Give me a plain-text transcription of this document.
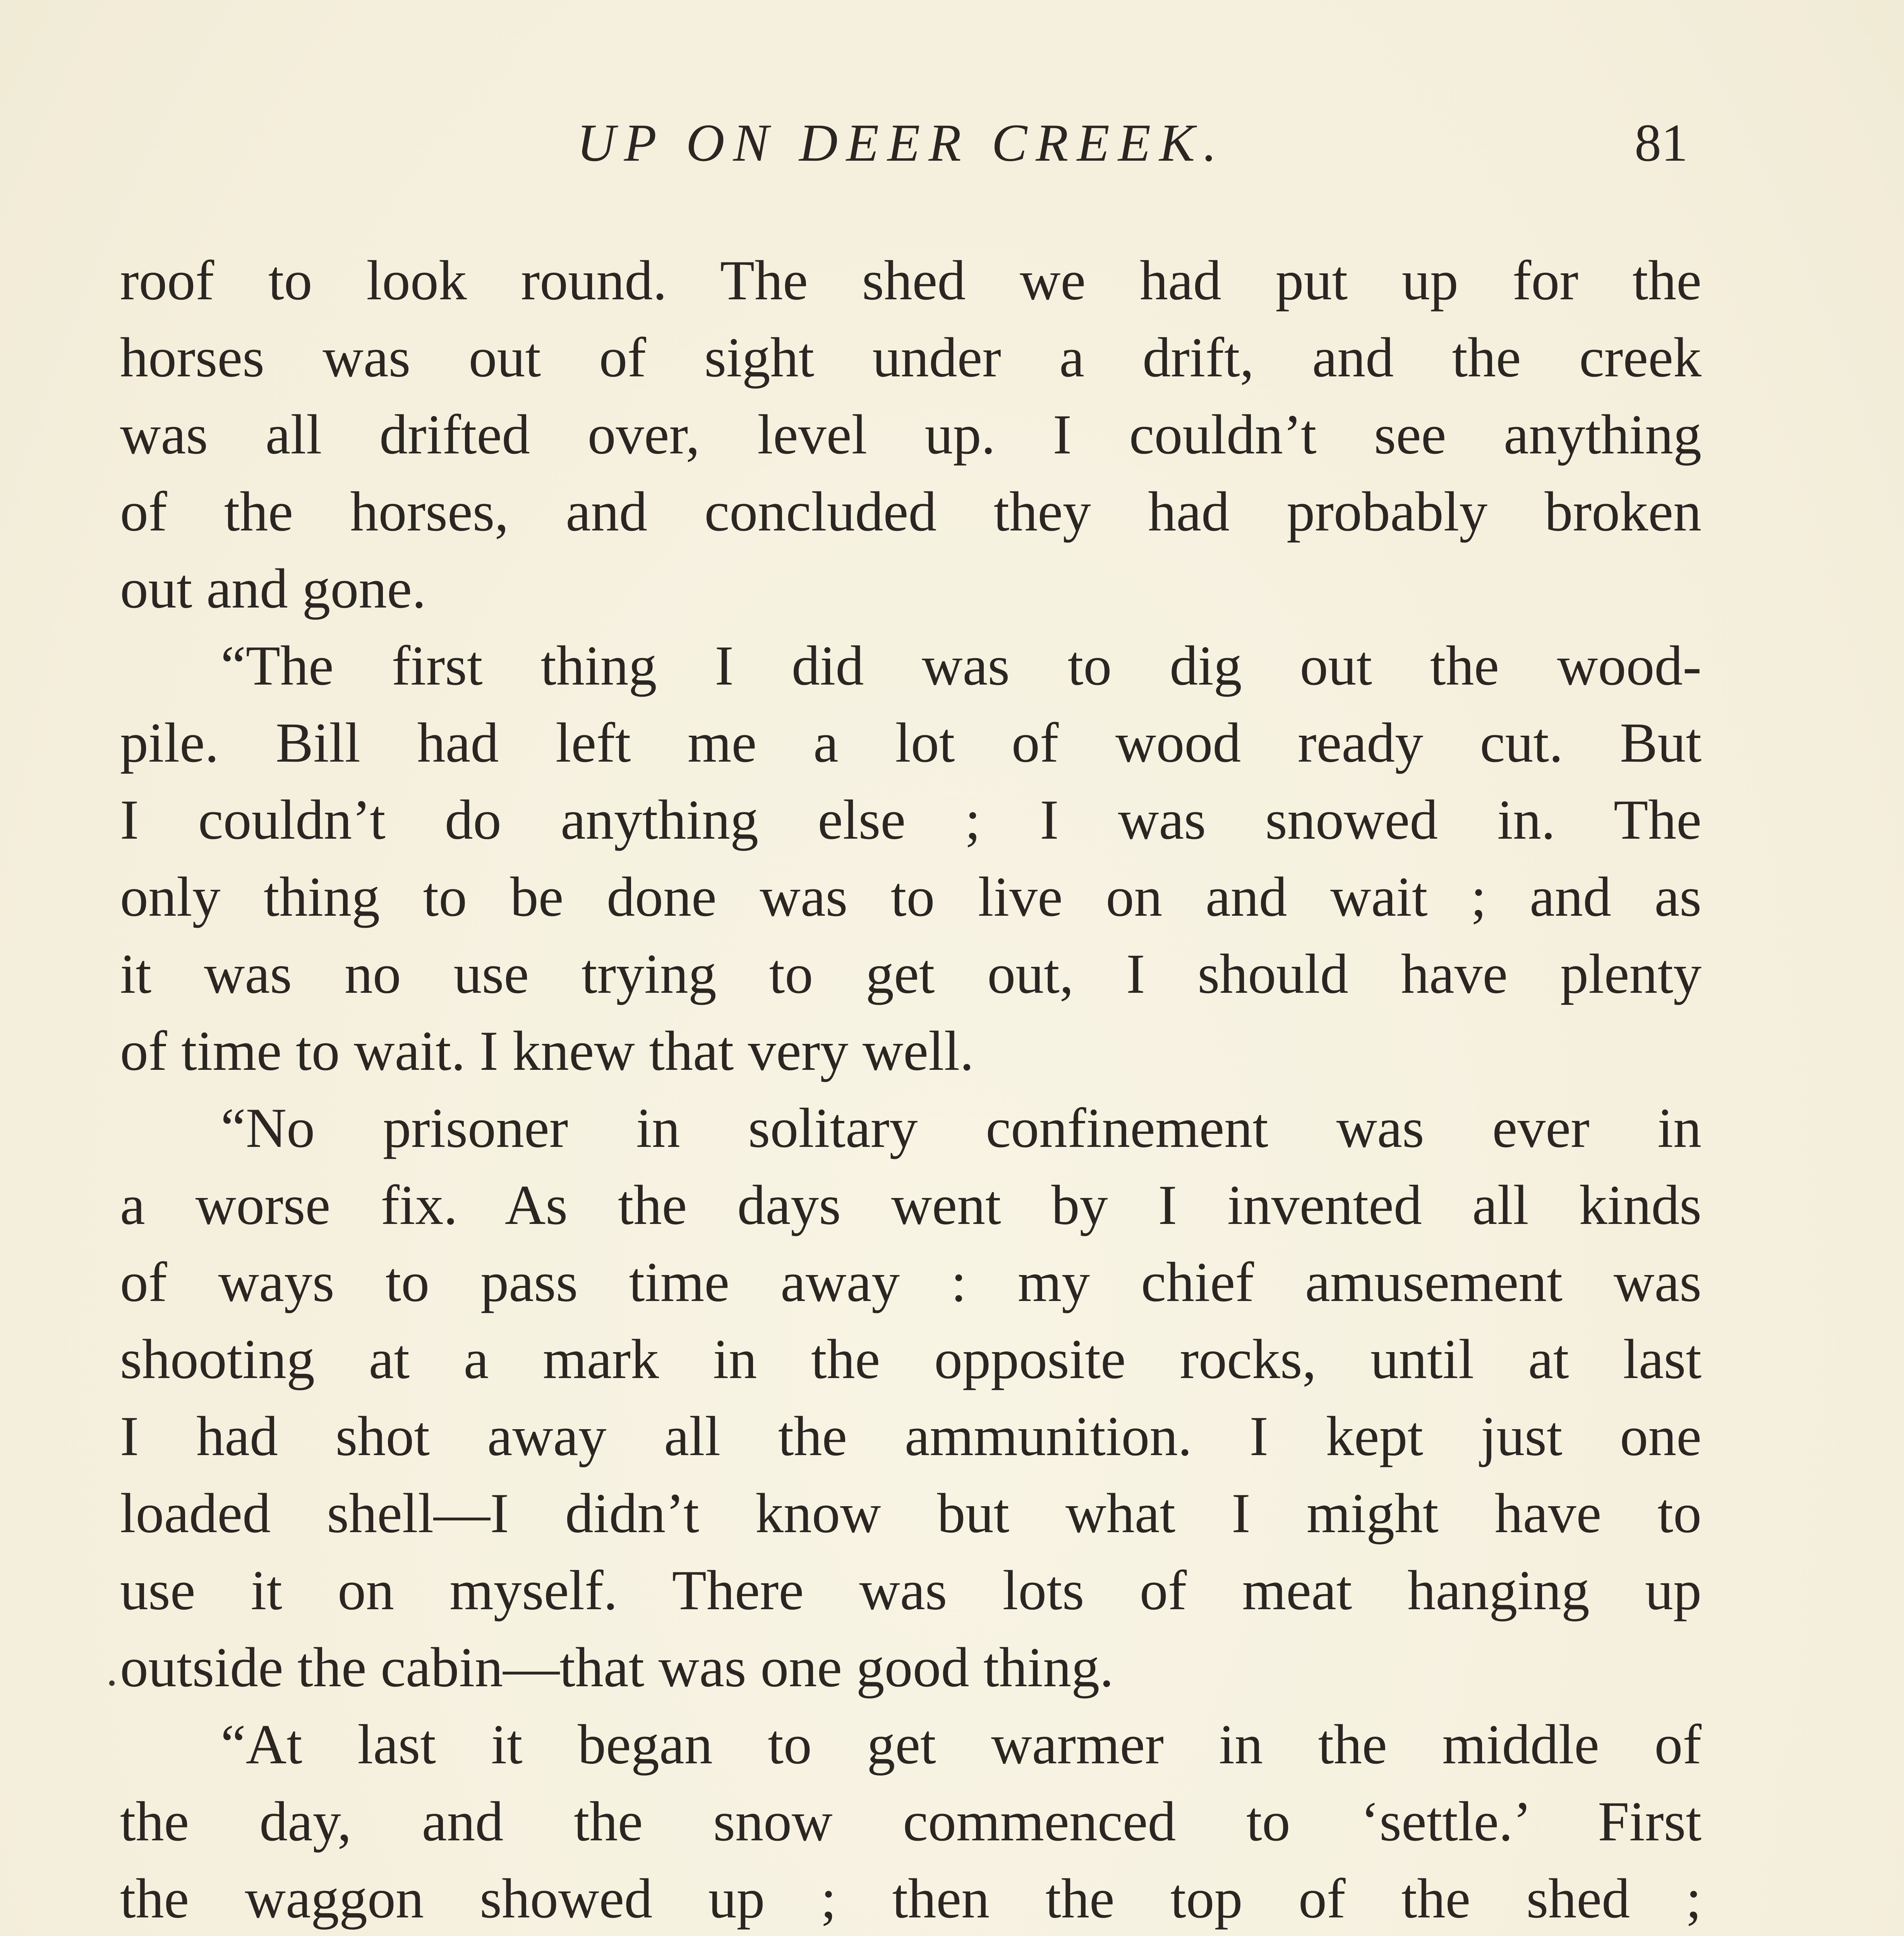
UP ON DEER CREEK.	81
roof to look round. The shed we had put up for the
horses was out of sight under a drift, and the creek
was all drifted over, level up. I couldn’t see anything
of the horses, and concluded they had probably broken
out and gone.
“The first thing I did was to dig out the wood-
pile. Bill had left me a lot of wood ready cut. But
I couldn’t do anything else ; I was snowed in. The
only thing to be done was to live on and wait ; and as
it was no use trying to get out, I should have plenty
of time to wait. I knew that very well.
“No prisoner in solitary confinement was ever in
a worse fix. As the days went by I invented all kinds
of ways to pass time away : my chief amusement was
shooting at a mark in the opposite rocks, until at last
I had shot away all the ammunition. I kept just one
loaded shell—I didn’t know but what I might have to
use it on myself. There was lots of meat hanging up
outside the cabin—that was one good thing.
“At last it began to get warmer in the middle of
the day, and the snow commenced to ‘settle.’ First
the waggon showed up ; then the top of the shed ;
